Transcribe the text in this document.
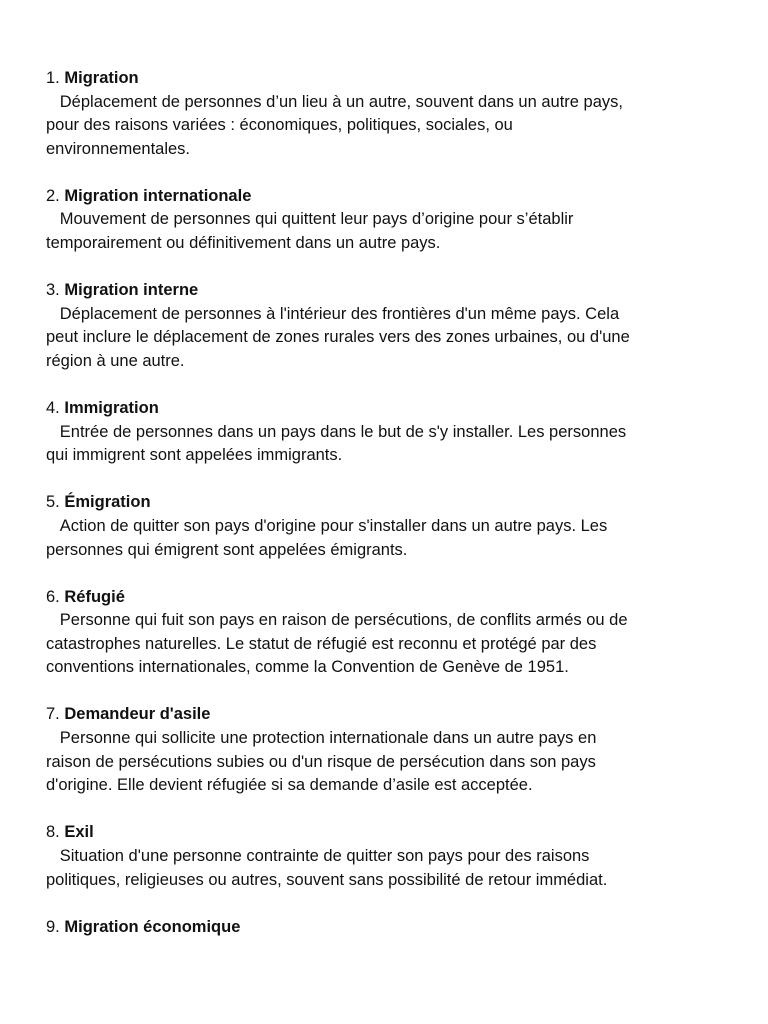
1. Migration

Déplacement de personnes d’un lieu à un autre, souvent dans un autre pays,
pour des raisons variées : économiques, politiques, sociales, ou
environnementales.

2. Migration internationale

Mouvement de personnes qui quittent leur pays d’origine pour s’établir
temporairement ou définitivement dans un autre pays.

3. Migration interne

Déplacement de personnes à l'intérieur des frontières d'un même pays. Cela
peut inclure le déplacement de zones rurales vers des zones urbaines, ou d'une
région à une autre.

4. Immigration

Entrée de personnes dans un pays dans le but de s'y installer. Les personnes
qui immigrent sont appelées immigrants.

5. Émigration

Action de quitter son pays d'origine pour s'installer dans un autre pays. Les
personnes qui émigrent sont appelées émigrants.

6. Réfugié

Personne qui fuit son pays en raison de persécutions, de conflits armés ou de
catastrophes naturelles. Le statut de réfugié est reconnu et protégé par des
conventions internationales, comme la Convention de Genève de 1951.

7. Demandeur d'asile

Personne qui sollicite une protection internationale dans un autre pays en
raison de persécutions subies ou d'un risque de persécution dans son pays
d'origine. Elle devient réfugiée si sa demande d’asile est acceptée.

8. Exil

Situation d'une personne contrainte de quitter son pays pour des raisons
politiques, religieuses ou autres, souvent sans possibilité de retour immédiat.

9. Migration économique
